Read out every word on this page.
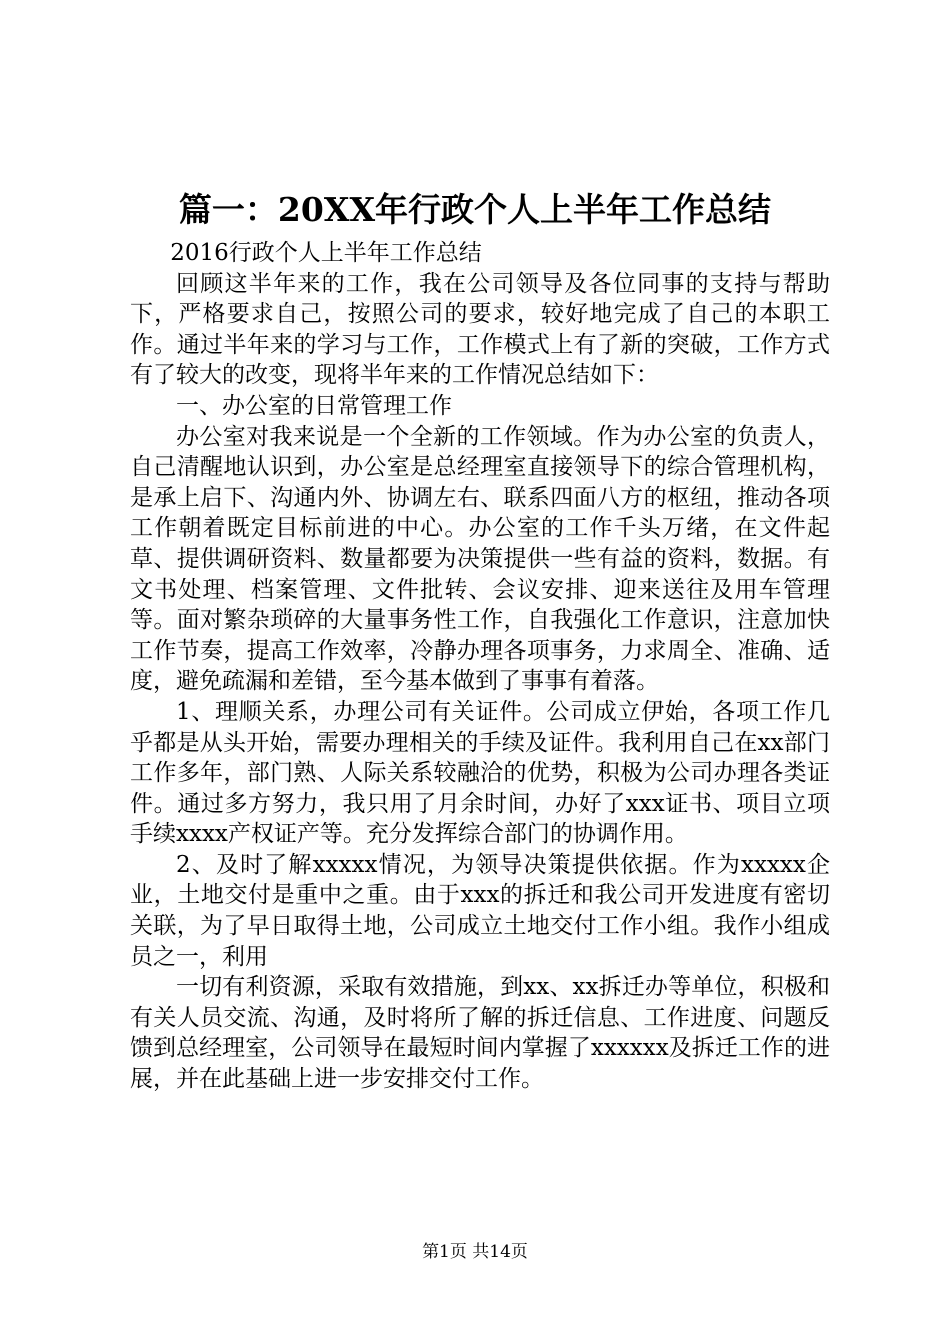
篇一：20XX年行政个人上半年工作总结

2016行政个人上半年工作总结

回顾这半年来的工作，我在公司领导及各位同事的支持与帮助下，严格要求自己，按照公司的要求，较好地完成了自己的本职工作。通过半年来的学习与工作，工作模式上有了新的突破，工作方式有了较大的改变，现将半年来的工作情况总结如下：

一、办公室的日常管理工作

办公室对我来说是一个全新的工作领域。作为办公室的负责人，自己清醒地认识到，办公室是总经理室直接领导下的综合管理机构，是承上启下、沟通内外、协调左右、联系四面八方的枢纽，推动各项工作朝着既定目标前进的中心。办公室的工作千头万绪，在文件起草、提供调研资料、数量都要为决策提供一些有益的资料，数据。有文书处理、档案管理、文件批转、会议安排、迎来送往及用车管理等。面对繁杂琐碎的大量事务性工作，自我强化工作意识，注意加快工作节奏，提高工作效率，冷静办理各项事务，力求周全、准确、适度，避免疏漏和差错，至今基本做到了事事有着落。

1、理顺关系，办理公司有关证件。公司成立伊始，各项工作几乎都是从头开始，需要办理相关的手续及证件。我利用自己在xx部门工作多年，部门熟、人际关系较融洽的优势，积极为公司办理各类证件。通过多方努力，我只用了月余时间，办好了xxx证书、项目立项手续xxxx产权证产等。充分发挥综合部门的协调作用。

2、及时了解xxxxx情况，为领导决策提供依据。作为xxxxx企业，土地交付是重中之重。由于xxx的拆迁和我公司开发进度有密切关联，为了早日取得土地，公司成立土地交付工作小组。我作小组成员之一，利用

一切有利资源，采取有效措施，到xx、xx拆迁办等单位，积极和有关人员交流、沟通，及时将所了解的拆迁信息、工作进度、问题反馈到总经理室，公司领导在最短时间内掌握了xxxxxx及拆迁工作的进展，并在此基础上进一步安排交付工作。

第1页 共14页
